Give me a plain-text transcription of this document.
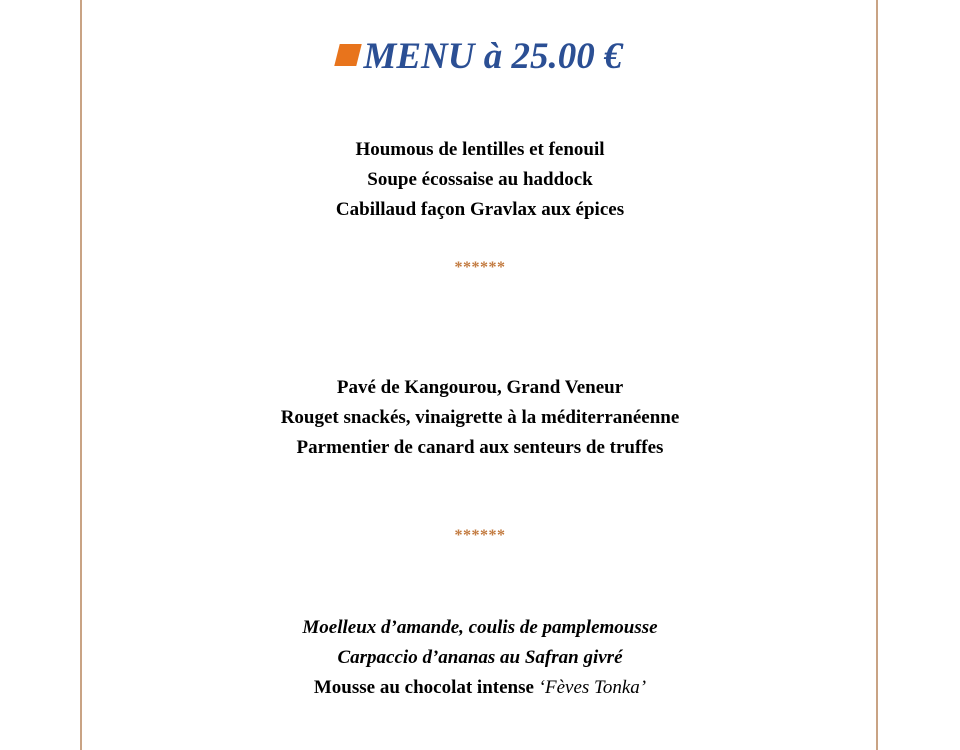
MENU à 25.00 €
Houmous de lentilles et fenouil
Soupe écossaise au haddock
Cabillaud façon Gravlax aux épices
******
Pavé de Kangourou, Grand Veneur
Rouget snackés, vinaigrette à la méditerranéenne
Parmentier de canard aux senteurs de truffes
******
Moelleux d’amande, coulis de pamplemousse
Carpaccio d’ananas au Safran givré
Mousse au chocolat intense ‘Fèves Tonka’
